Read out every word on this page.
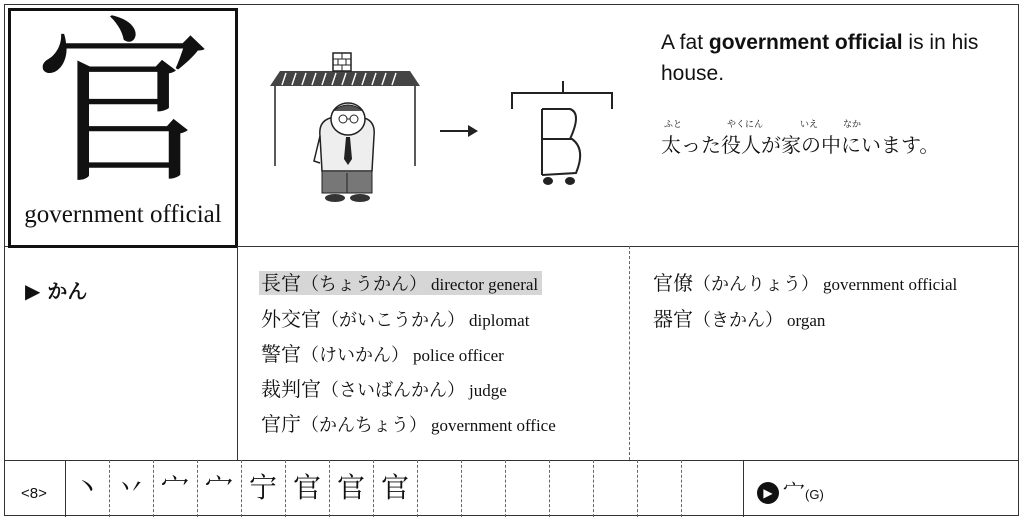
官
government official
A fat government official is in his house.
ふと	やくにん	いえ	なか
太った役人が家の中にいます。
▶ かん	長官（ちょうかん） director general
外交官（がいこうかん） diplomat
警官（けいかん） police officer
裁判官（さいばんかん） judge
官庁（かんちょう） government office
官僚（かんりょう） government official
器官（きかん） organ
<8> 丶 丷 宀 宀 宁 官 官 官	▶ 宀(G)
